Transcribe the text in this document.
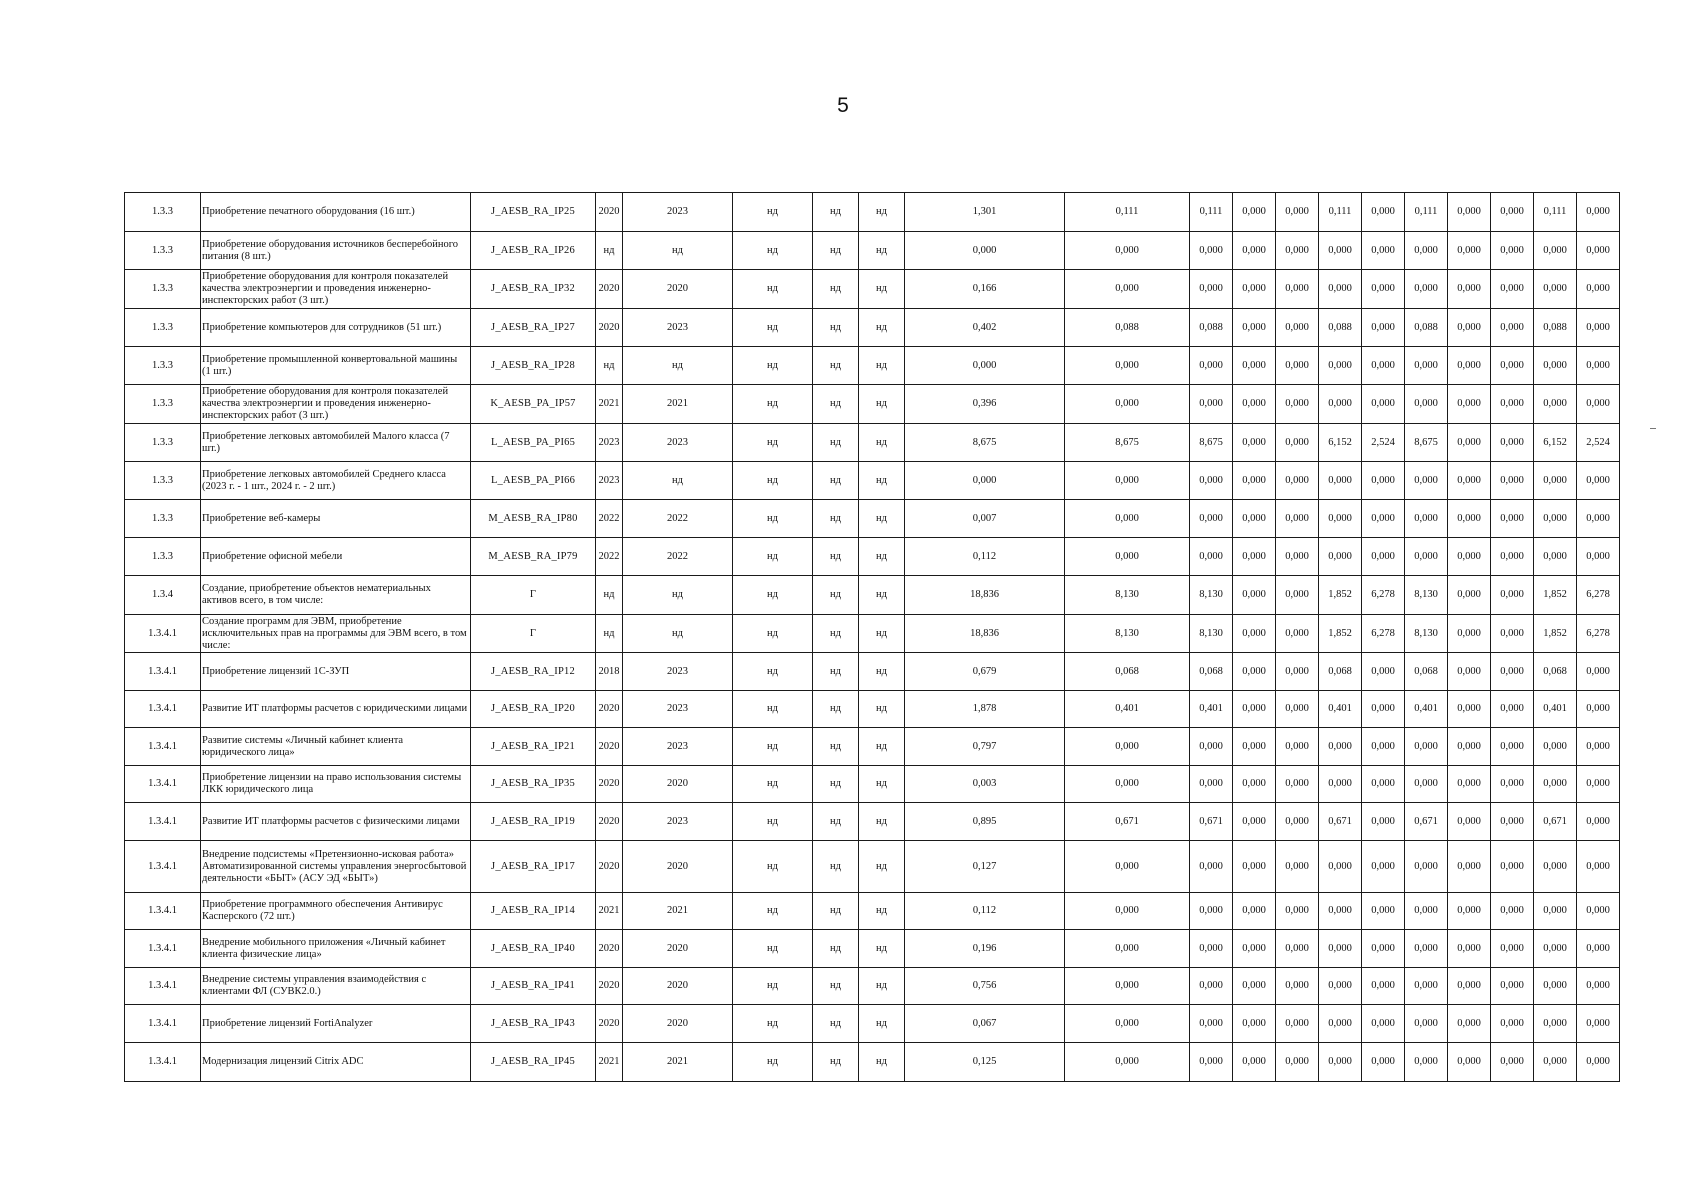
5
1.3.3	Приобретение печатного оборудования (16 шт.)	J_AESB_RA_IP25	2020	2023	нд	нд	нд	1,301	0,111	0,111	0,000	0,000	0,111	0,000	0,111	0,000	0,000	0,111	0,000
1.3.3	Приобретение оборудования источников бесперебойного питания (8 шт.)	J_AESB_RA_IP26	нд	нд	нд	нд	нд	0,000	0,000	0,000	0,000	0,000	0,000	0,000	0,000	0,000	0,000	0,000	0,000
1.3.3	Приобретение оборудования для контроля показателей качества электроэнергии и проведения инженерно-инспекторских работ (3 шт.)	J_AESB_RA_IP32	2020	2020	нд	нд	нд	0,166	0,000	0,000	0,000	0,000	0,000	0,000	0,000	0,000	0,000	0,000	0,000
1.3.3	Приобретение компьютеров для сотрудников (51 шт.)	J_AESB_RA_IP27	2020	2023	нд	нд	нд	0,402	0,088	0,088	0,000	0,000	0,088	0,000	0,088	0,000	0,000	0,088	0,000
1.3.3	Приобретение промышленной конвертовальной машины (1 шт.)	J_AESB_RA_IP28	нд	нд	нд	нд	нд	0,000	0,000	0,000	0,000	0,000	0,000	0,000	0,000	0,000	0,000	0,000	0,000
1.3.3	Приобретение оборудования для контроля показателей качества электроэнергии и проведения инженерно-инспекторских работ (3 шт.)	K_AESB_PA_IP57	2021	2021	нд	нд	нд	0,396	0,000	0,000	0,000	0,000	0,000	0,000	0,000	0,000	0,000	0,000	0,000
1.3.3	Приобретение легковых автомобилей Малого класса (7 шт.)	L_AESB_PA_PI65	2023	2023	нд	нд	нд	8,675	8,675	8,675	0,000	0,000	6,152	2,524	8,675	0,000	0,000	6,152	2,524
1.3.3	Приобретение легковых автомобилей Среднего класса (2023 г. - 1 шт., 2024 г. - 2 шт.)	L_AESB_PA_PI66	2023	нд	нд	нд	нд	0,000	0,000	0,000	0,000	0,000	0,000	0,000	0,000	0,000	0,000	0,000	0,000
1.3.3	Приобретение веб-камеры	M_AESB_RA_IP80	2022	2022	нд	нд	нд	0,007	0,000	0,000	0,000	0,000	0,000	0,000	0,000	0,000	0,000	0,000	0,000
1.3.3	Приобретение офисной мебели	M_AESB_RA_IP79	2022	2022	нд	нд	нд	0,112	0,000	0,000	0,000	0,000	0,000	0,000	0,000	0,000	0,000	0,000	0,000
1.3.4	Создание, приобретение объектов нематериальных активов всего, в том числе:	Г	нд	нд	нд	нд	нд	18,836	8,130	8,130	0,000	0,000	1,852	6,278	8,130	0,000	0,000	1,852	6,278
1.3.4.1	Создание программ для ЭВМ, приобретение исключительных прав на программы для ЭВМ всего, в том числе:	Г	нд	нд	нд	нд	нд	18,836	8,130	8,130	0,000	0,000	1,852	6,278	8,130	0,000	0,000	1,852	6,278
1.3.4.1	Приобретение лицензий 1С-ЗУП	J_AESB_RA_IP12	2018	2023	нд	нд	нд	0,679	0,068	0,068	0,000	0,000	0,068	0,000	0,068	0,000	0,000	0,068	0,000
1.3.4.1	Развитие ИТ платформы расчетов с юридическими лицами	J_AESB_RA_IP20	2020	2023	нд	нд	нд	1,878	0,401	0,401	0,000	0,000	0,401	0,000	0,401	0,000	0,000	0,401	0,000
1.3.4.1	Развитие системы «Личный кабинет клиента юридического лица»	J_AESB_RA_IP21	2020	2023	нд	нд	нд	0,797	0,000	0,000	0,000	0,000	0,000	0,000	0,000	0,000	0,000	0,000	0,000
1.3.4.1	Приобретение лицензии на право использования системы ЛКК юридического лица	J_AESB_RA_IP35	2020	2020	нд	нд	нд	0,003	0,000	0,000	0,000	0,000	0,000	0,000	0,000	0,000	0,000	0,000	0,000
1.3.4.1	Развитие ИТ платформы расчетов с физическими лицами	J_AESB_RA_IP19	2020	2023	нд	нд	нд	0,895	0,671	0,671	0,000	0,000	0,671	0,000	0,671	0,000	0,000	0,671	0,000
1.3.4.1	Внедрение подсистемы «Претензионно-исковая работа» Автоматизированной системы управления энергосбытовой деятельности «БЫТ» (АСУ ЭД «БЫТ»)	J_AESB_RA_IP17	2020	2020	нд	нд	нд	0,127	0,000	0,000	0,000	0,000	0,000	0,000	0,000	0,000	0,000	0,000	0,000
1.3.4.1	Приобретение программного обеспечения Антивирус Касперского (72 шт.)	J_AESB_RA_IP14	2021	2021	нд	нд	нд	0,112	0,000	0,000	0,000	0,000	0,000	0,000	0,000	0,000	0,000	0,000	0,000
1.3.4.1	Внедрение мобильного приложения «Личный кабинет клиента физические лица»	J_AESB_RA_IP40	2020	2020	нд	нд	нд	0,196	0,000	0,000	0,000	0,000	0,000	0,000	0,000	0,000	0,000	0,000	0,000
1.3.4.1	Внедрение системы управления взаимодействия с клиентами ФЛ (СУВК2.0.)	J_AESB_RA_IP41	2020	2020	нд	нд	нд	0,756	0,000	0,000	0,000	0,000	0,000	0,000	0,000	0,000	0,000	0,000	0,000
1.3.4.1	Приобретение лицензий FortiAnalyzer	J_AESB_RA_IP43	2020	2020	нд	нд	нд	0,067	0,000	0,000	0,000	0,000	0,000	0,000	0,000	0,000	0,000	0,000	0,000
1.3.4.1	Модернизация лицензий Citrix ADC	J_AESB_RA_IP45	2021	2021	нд	нд	нд	0,125	0,000	0,000	0,000	0,000	0,000	0,000	0,000	0,000	0,000	0,000	0,000
